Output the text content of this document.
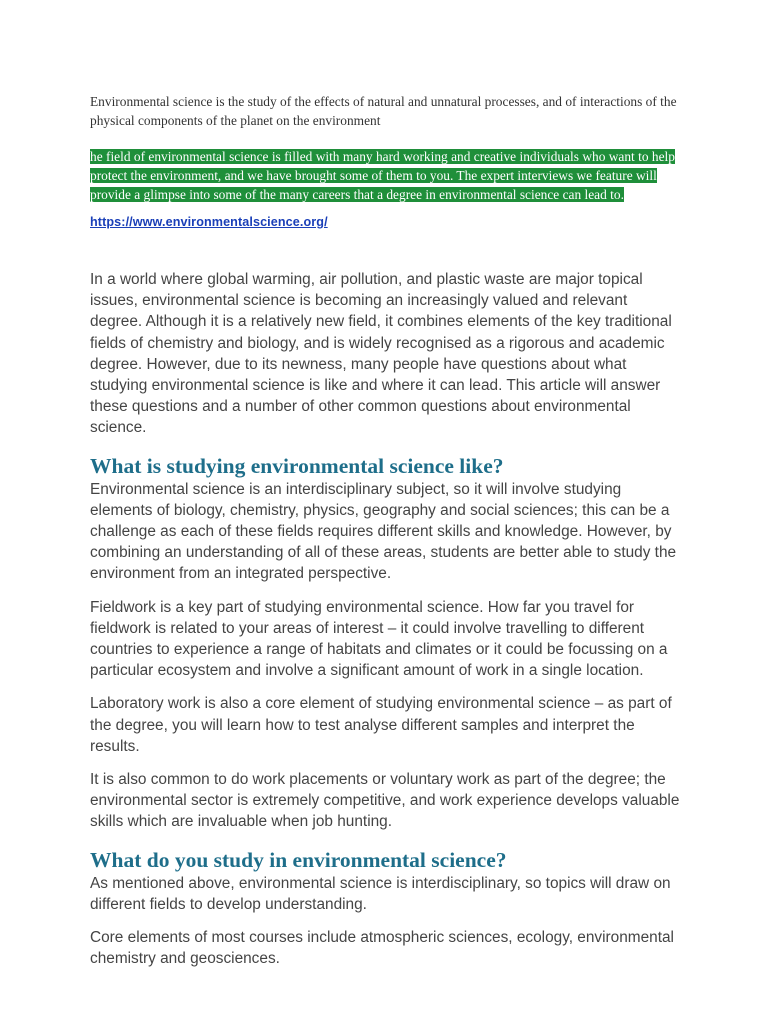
Environmental science is the study of the effects of natural and unnatural processes, and of interactions of the physical components of the planet on the environment

he field of environmental science is filled with many hard working and creative individuals who want to help protect the environment, and we have brought some of them to you. The expert interviews we feature will provide a glimpse into some of the many careers that a degree in environmental science can lead to.
https://www.environmentalscience.org/

In a world where global warming, air pollution, and plastic waste are major topical issues, environmental science is becoming an increasingly valued and relevant degree. Although it is a relatively new field, it combines elements of the key traditional fields of chemistry and biology, and is widely recognised as a rigorous and academic degree. However, due to its newness, many people have questions about what studying environmental science is like and where it can lead. This article will answer these questions and a number of other common questions about environmental science.

What is studying environmental science like?

Environmental science is an interdisciplinary subject, so it will involve studying elements of biology, chemistry, physics, geography and social sciences; this can be a challenge as each of these fields requires different skills and knowledge. However, by combining an understanding of all of these areas, students are better able to study the environment from an integrated perspective.

Fieldwork is a key part of studying environmental science. How far you travel for fieldwork is related to your areas of interest – it could involve travelling to different countries to experience a range of habitats and climates or it could be focussing on a particular ecosystem and involve a significant amount of work in a single location.

Laboratory work is also a core element of studying environmental science – as part of the degree, you will learn how to test analyse different samples and interpret the results.

It is also common to do work placements or voluntary work as part of the degree; the environmental sector is extremely competitive, and work experience develops valuable skills which are invaluable when job hunting.

What do you study in environmental science?

As mentioned above, environmental science is interdisciplinary, so topics will draw on different fields to develop understanding.

Core elements of most courses include atmospheric sciences, ecology, environmental chemistry and geosciences.
